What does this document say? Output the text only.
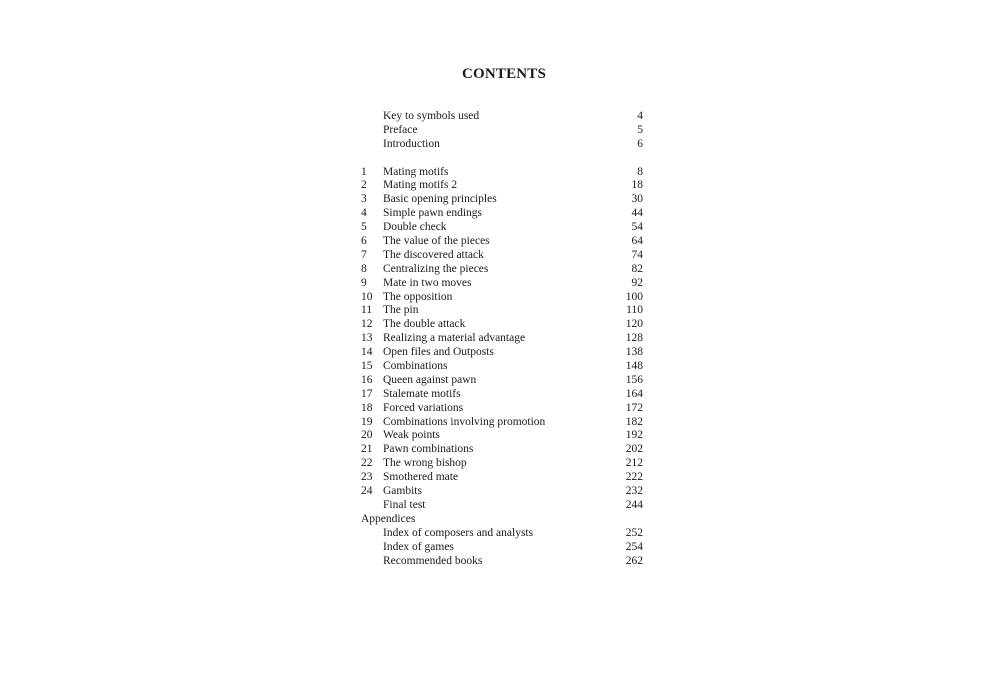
CONTENTS
Key to symbols used	4
Preface	5
Introduction	6
1 Mating motifs	8
2 Mating motifs 2	18
3 Basic opening principles	30
4 Simple pawn endings	44
5 Double check	54
6 The value of the pieces	64
7 The discovered attack	74
8 Centralizing the pieces	82
9 Mate in two moves	92
10 The opposition	100
11 The pin	110
12 The double attack	120
13 Realizing a material advantage	128
14 Open files and Outposts	138
15 Combinations	148
16 Queen against pawn	156
17 Stalemate motifs	164
18 Forced variations	172
19 Combinations involving promotion	182
20 Weak points	192
21 Pawn combinations	202
22 The wrong bishop	212
23 Smothered mate	222
24 Gambits	232
Final test	244
Appendices
Index of composers and analysts	252
Index of games	254
Recommended books	262
